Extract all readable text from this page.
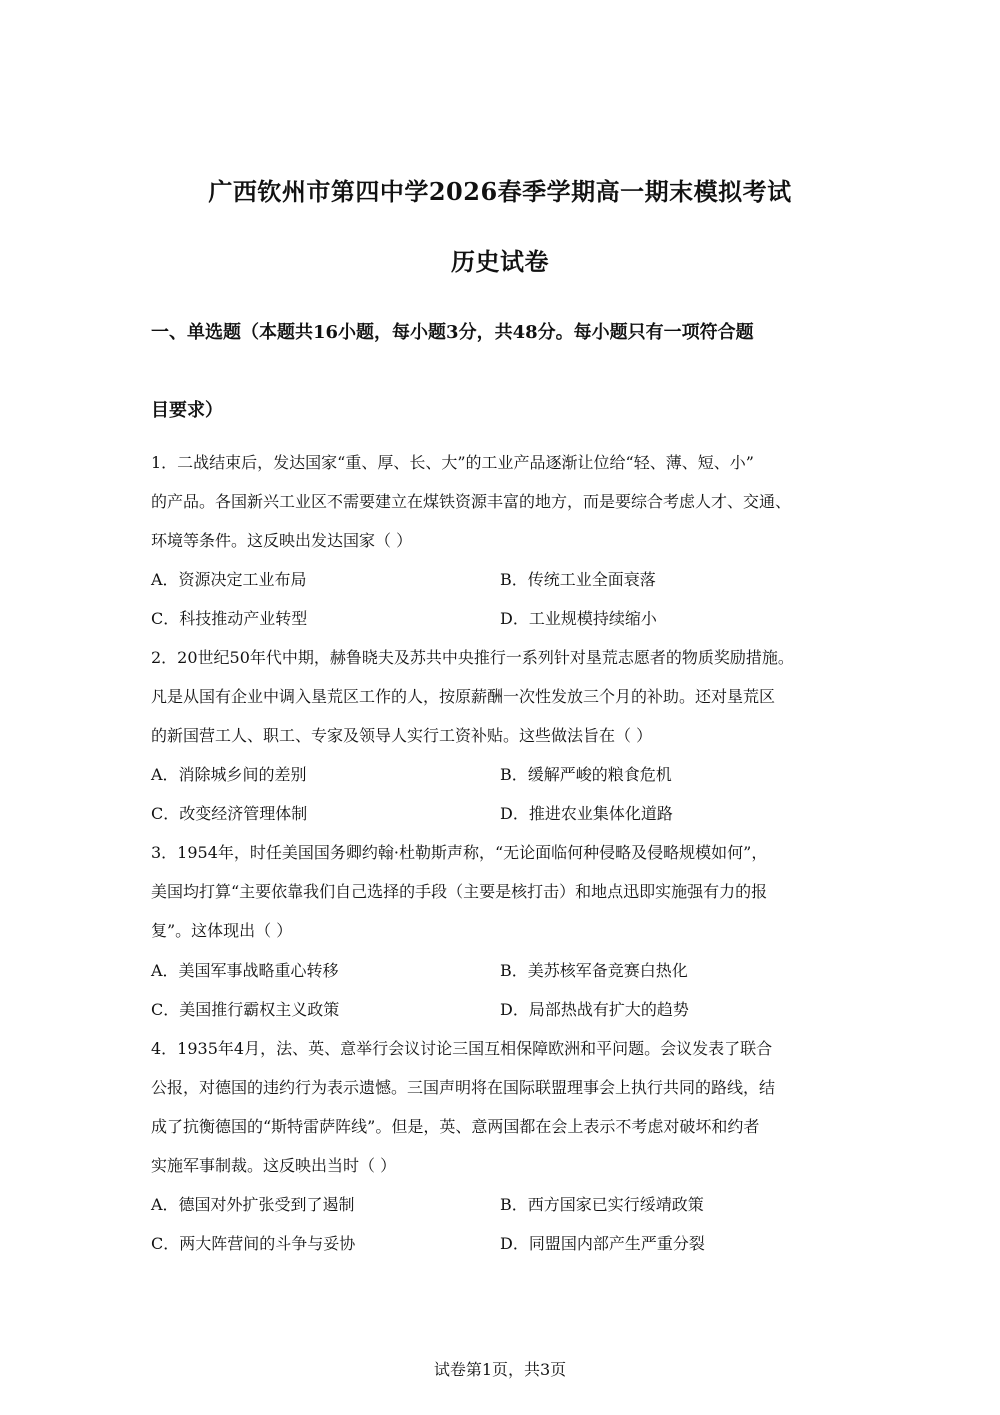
广西钦州市第四中学2026春季学期高一期末模拟考试
历史试卷
一、单选题（本题共16小题，每小题3分，共48分。每小题只有一项符合题
目要求）
1．二战结束后，发达国家“重、厚、长、大”的工业产品逐渐让位给“轻、薄、短、小”
的产品。各国新兴工业区不需要建立在煤铁资源丰富的地方，而是要综合考虑人才、交通、
环境等条件。这反映出发达国家（ ）
A．资源决定工业布局	B．传统工业全面衰落
C．科技推动产业转型	D．工业规模持续缩小
2．20世纪50年代中期，赫鲁晓夫及苏共中央推行一系列针对垦荒志愿者的物质奖励措施。
凡是从国有企业中调入垦荒区工作的人，按原薪酬一次性发放三个月的补助。还对垦荒区
的新国营工人、职工、专家及领导人实行工资补贴。这些做法旨在（ ）
A．消除城乡间的差别	B．缓解严峻的粮食危机
C．改变经济管理体制	D．推进农业集体化道路
3．1954年，时任美国国务卿约翰·杜勒斯声称，“无论面临何种侵略及侵略规模如何”，
美国均打算“主要依靠我们自己选择的手段（主要是核打击）和地点迅即实施强有力的报
复”。这体现出（ ）
A．美国军事战略重心转移	B．美苏核军备竞赛白热化
C．美国推行霸权主义政策	D．局部热战有扩大的趋势
4．1935年4月，法、英、意举行会议讨论三国互相保障欧洲和平问题。会议发表了联合
公报，对德国的违约行为表示遗憾。三国声明将在国际联盟理事会上执行共同的路线，结
成了抗衡德国的“斯特雷萨阵线”。但是，英、意两国都在会上表示不考虑对破坏和约者
实施军事制裁。这反映出当时（ ）
A．德国对外扩张受到了遏制	B．西方国家已实行绥靖政策
C．两大阵营间的斗争与妥协	D．同盟国内部产生严重分裂
试卷第1页，共3页
